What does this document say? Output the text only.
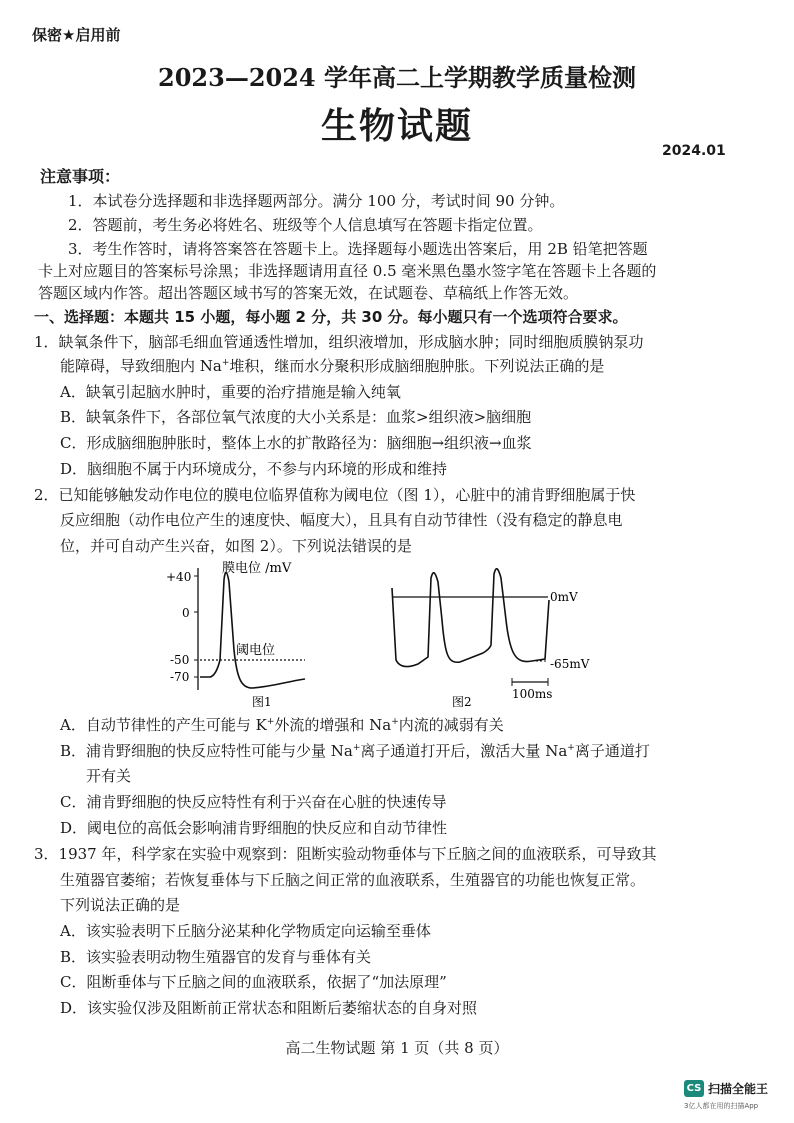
保密★启用前
2023—2024 学年高二上学期教学质量检测
生物试题
2024.01
注意事项：
1．本试卷分选择题和非选择题两部分。满分 100 分，考试时间 90 分钟。
2．答题前，考生务必将姓名、班级等个人信息填写在答题卡指定位置。
3．考生作答时，请将答案答在答题卡上。选择题每小题选出答案后，用 2B 铅笔把答题
卡上对应题目的答案标号涂黑；非选择题请用直径 0.5 毫米黑色墨水签字笔在答题卡上各题的
答题区域内作答。超出答题区域书写的答案无效，在试题卷、草稿纸上作答无效。
一、选择题：本题共 15 小题，每小题 2 分，共 30 分。每小题只有一个选项符合要求。
1．缺氧条件下，脑部毛细血管通透性增加，组织液增加，形成脑水肿；同时细胞质膜钠泵功
能障碍，导致细胞内 Na+堆积，继而水分聚积形成脑细胞肿胀。下列说法正确的是
A．缺氧引起脑水肿时，重要的治疗措施是输入纯氧
B．缺氧条件下，各部位氧气浓度的大小关系是：血浆>组织液>脑细胞
C．形成脑细胞肿胀时，整体上水的扩散路径为：脑细胞→组织液→血浆
D．脑细胞不属于内环境成分，不参与内环境的形成和维持
2．已知能够触发动作电位的膜电位临界值称为阈电位（图 1），心脏中的浦肯野细胞属于快
反应细胞（动作电位产生的速度快、幅度大），且具有自动节律性（没有稳定的静息电
位，并可自动产生兴奋，如图 2）。下列说法错误的是
+40
0
-50
-70
膜电位 /mV
阈电位
图1
0mV
-65mV
100ms
图2
A．自动节律性的产生可能与 K+外流的增强和 Na+内流的减弱有关
B．浦肯野细胞的快反应特性可能与少量 Na+离子通道打开后，激活大量 Na+离子通道打
开有关
C．浦肯野细胞的快反应特性有利于兴奋在心脏的快速传导
D．阈电位的高低会影响浦肯野细胞的快反应和自动节律性
3．1937 年，科学家在实验中观察到：阻断实验动物垂体与下丘脑之间的血液联系，可导致其
生殖器官萎缩；若恢复垂体与下丘脑之间正常的血液联系，生殖器官的功能也恢复正常。
下列说法正确的是
A．该实验表明下丘脑分泌某种化学物质定向运输至垂体
B．该实验表明动物生殖器官的发育与垂体有关
C．阻断垂体与下丘脑之间的血液联系，依据了“加法原理”
D．该实验仅涉及阻断前正常状态和阻断后萎缩状态的自身对照
高二生物试题 第 1 页（共 8 页）
CS 扫描全能王
3亿人都在用的扫描App
